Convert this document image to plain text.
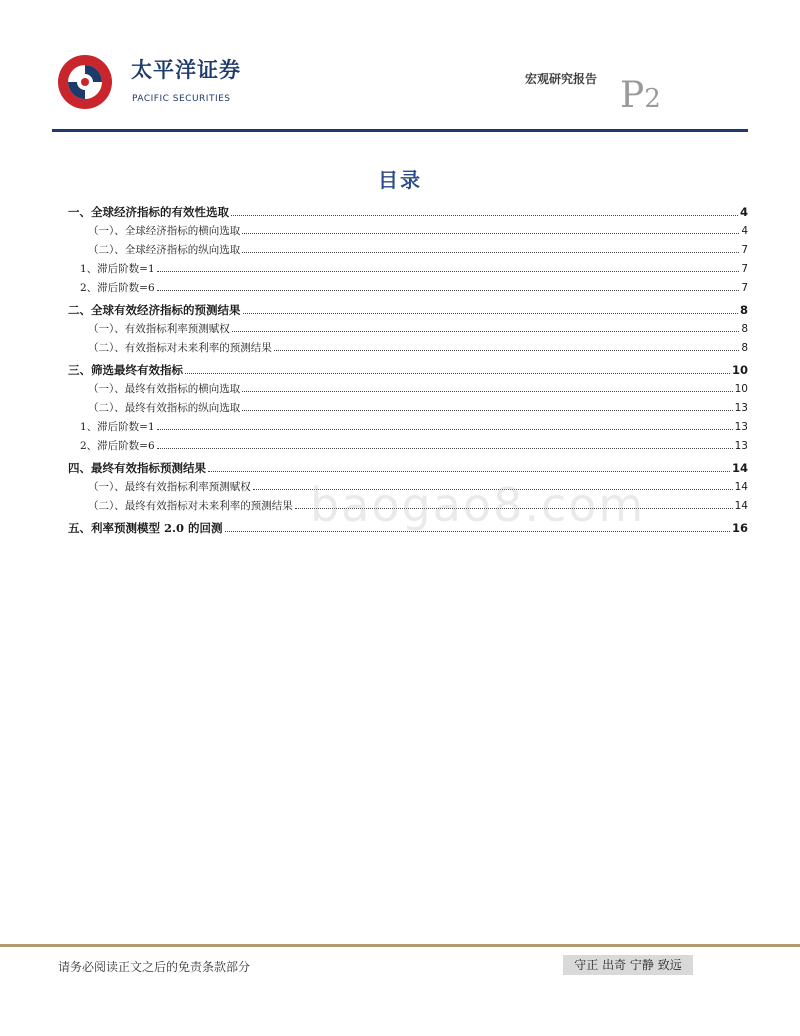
太平洋证券
PACIFIC SECURITIES
宏观研究报告 P2
目录
一、全球经济指标的有效性选取	4
（一）、全球经济指标的横向选取	4
（二）、全球经济指标的纵向选取	7
1、滞后阶数=1	7
2、滞后阶数=6	7
二、全球有效经济指标的预测结果	8
（一）、有效指标利率预测赋权	8
（二）、有效指标对未来利率的预测结果	8
三、筛选最终有效指标	10
（一）、最终有效指标的横向选取	10
（二）、最终有效指标的纵向选取	13
1、滞后阶数=1	13
2、滞后阶数=6	13
四、最终有效指标预测结果	14
（一）、最终有效指标利率预测赋权	14
（二）、最终有效指标对未来利率的预测结果	14
五、利率预测模型 2.0 的回测	16
baogao8.com
请务必阅读正文之后的免责条款部分	守正 出奇 宁静 致远
